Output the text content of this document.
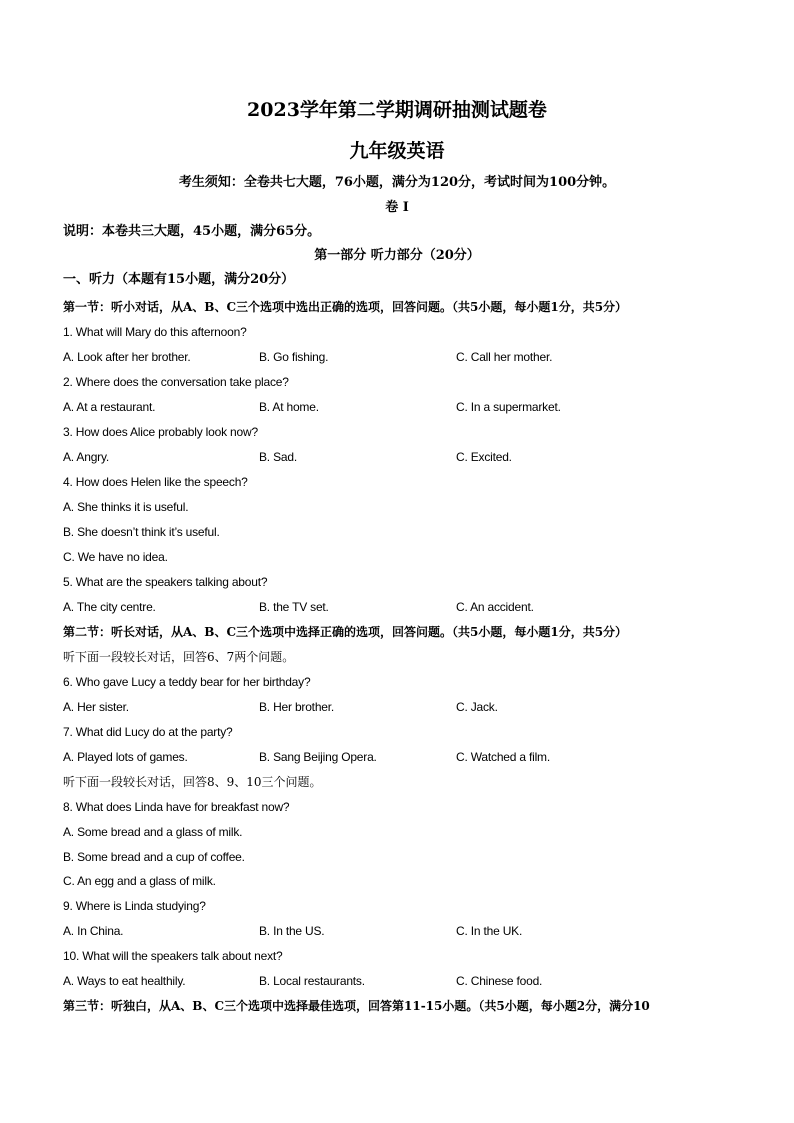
2023学年第二学期调研抽测试题卷
九年级英语
考生须知：全卷共七大题，76小题，满分为120分，考试时间为100分钟。
卷 I
说明：本卷共三大题，45小题，满分65分。
第一部分 听力部分（20分）
一、听力（本题有15小题，满分20分）
第一节：听小对话，从A、B、C三个选项中选出正确的选项，回答问题。（共5小题，每小题1分，共5分）
1. What will Mary do this afternoon?
A. Look after her brother.	B. Go fishing.	C. Call her mother.
2. Where does the conversation take place?
A. At a restaurant.	B. At home.	C. In a supermarket.
3. How does Alice probably look now?
A. Angry.	B. Sad.	C. Excited.
4. How does Helen like the speech?
A. She thinks it is useful.
B. She doesn’t think it’s useful.
C. We have no idea.
5. What are the speakers talking about?
A. The city centre.	B. the TV set.	C. An accident.
第二节：听长对话，从A、B、C三个选项中选择正确的选项，回答问题。（共5小题，每小题1分，共5分）
听下面一段较长对话，回答6、7两个问题。
6. Who gave Lucy a teddy bear for her birthday?
A. Her sister.	B. Her brother.	C. Jack.
7. What did Lucy do at the party?
A. Played lots of games.	B. Sang Beijing Opera.	C. Watched a film.
听下面一段较长对话，回答8、9、10三个问题。
8. What does Linda have for breakfast now?
A. Some bread and a glass of milk.
B. Some bread and a cup of coffee.
C. An egg and a glass of milk.
9. Where is Linda studying?
A. In China.	B. In the US.	C. In the UK.
10. What will the speakers talk about next?
A. Ways to eat healthily.	B. Local restaurants.	C. Chinese food.
第三节：听独白，从A、B、C三个选项中选择最佳选项，回答第11-15小题。（共5小题，每小题2分，满分10
